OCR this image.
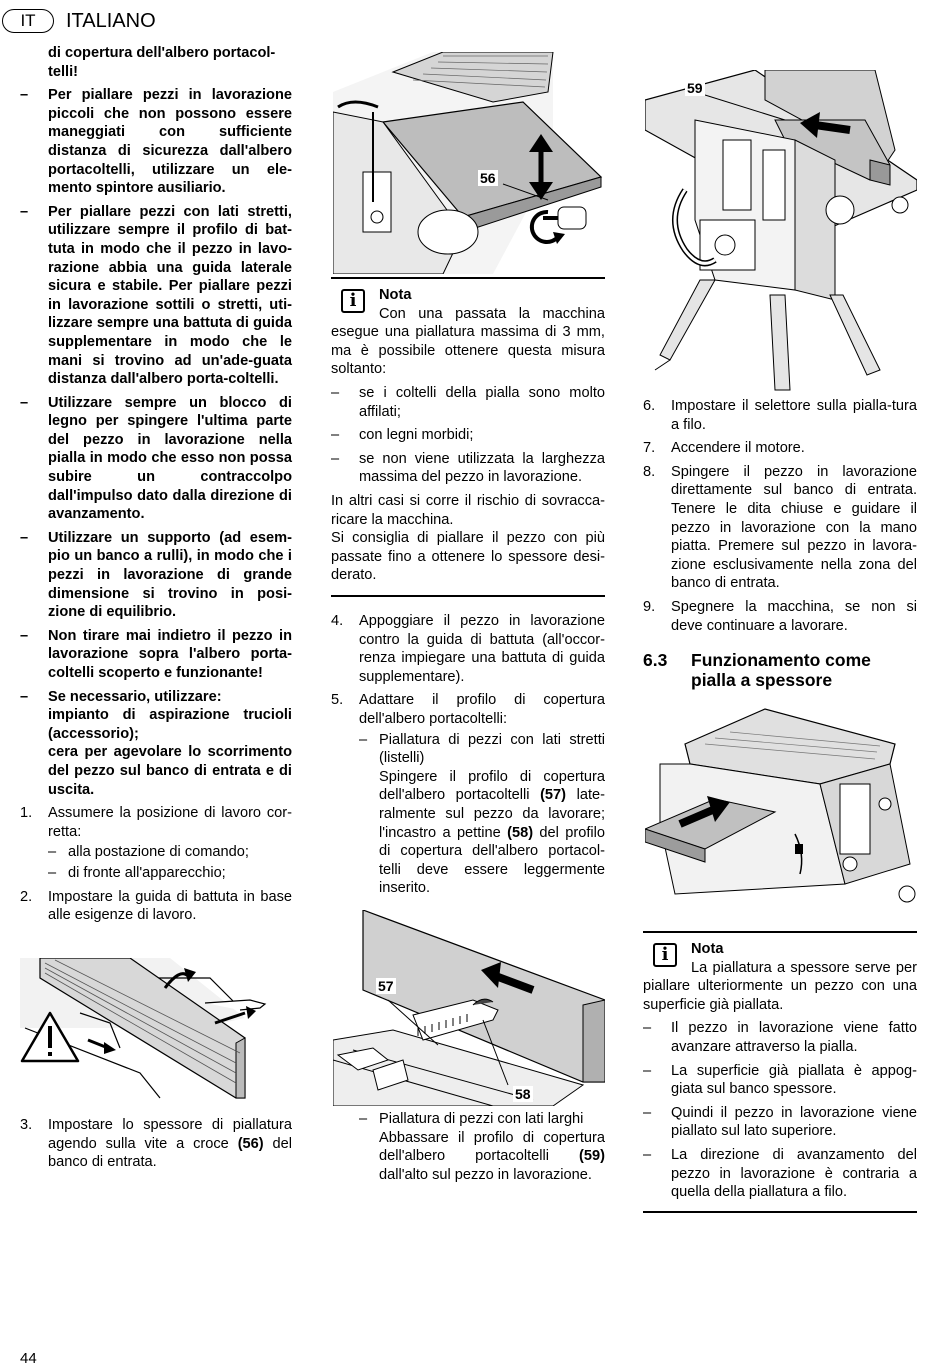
IT	ITALIANO
di copertura dell'albero portacol-
telli!
– Per piallare pezzi in lavorazione piccoli che non possono essere maneggiati con sufficiente distanza di sicurezza dall'albero portacoltelli, utilizzare un ele-mento spintore ausiliario.
– Per piallare pezzi con lati stretti, utilizzare sempre il profilo di bat-tuta in modo che il pezzo in lavo-razione abbia una guida laterale sicura e stabile. Per piallare pezzi in lavorazione sottili o stretti, uti-lizzare sempre una battuta di guida supplementare in modo che le mani si trovino ad un'ade-guata distanza dall'albero porta-coltelli.
– Utilizzare sempre un blocco di legno per spingere l'ultima parte del pezzo in lavorazione nella pialla in modo che esso non possa subire un contraccolpo dall'impulso dato dalla direzione di avanzamento.
– Utilizzare un supporto (ad esem-pio un banco a rulli), in modo che i pezzi in lavorazione di grande dimensione si trovino in posi-zione di equilibrio.
– Non tirare mai indietro il pezzo in lavorazione sopra l'albero porta-coltelli scoperto e funzionante!
– Se necessario, utilizzare:
impianto di aspirazione trucioli (accessorio);
cera per agevolare lo scorrimento del pezzo sul banco di entrata e di uscita.
1. Assumere la posizione di lavoro cor-retta:
– alla postazione di comando;
– di fronte all'apparecchio;
2. Impostare la guida di battuta in base alle esigenze di lavoro.
3. Impostare lo spessore di piallatura agendo sulla vite a croce (56) del banco di entrata.
44
56
i
Nota
Con una passata la macchina esegue una piallatura massima di 3 mm, ma è possibile ottenere questa misura soltanto:
– se i coltelli della pialla sono molto affilati;
– con legni morbidi;
– se non viene utilizzata la larghezza massima del pezzo in lavorazione.
In altri casi si corre il rischio di sovracca-ricare la macchina.
Si consiglia di piallare il pezzo con più passate fino a ottenere lo spessore desi-derato.
4. Appoggiare il pezzo in lavorazione contro la guida di battuta (all'occor-renza impiegare una battuta di guida supplementare).
5. Adattare il profilo di copertura dell'albero portacoltelli:
– Piallatura di pezzi con lati stretti (listelli)
Spingere il profilo di copertura dell'albero portacoltelli (57) late-ralmente sul pezzo da lavorare; l'incastro a pettine (58) del profilo di copertura dell'albero portacol-telli deve essere leggermente inserito.
57
58
– Piallatura di pezzi con lati larghi
Abbassare il profilo di copertura dell'albero portacoltelli (59) dall'alto sul pezzo in lavorazione.
59
6. Impostare il selettore sulla pialla-tura a filo.
7. Accendere il motore.
8. Spingere il pezzo in lavorazione direttamente sul banco di entrata. Tenere le dita chiuse e guidare il pezzo in lavorazione con la mano piatta. Premere sul pezzo in lavora-zione esclusivamente nella zona del banco di entrata.
9. Spegnere la macchina, se non si deve continuare a lavorare.
6.3 Funzionamento come
pialla a spessore
i
Nota
La piallatura a spessore serve per piallare ulteriormente un pezzo con una superficie già piallata.
– Il pezzo in lavorazione viene fatto avanzare attraverso la pialla.
– La superficie già piallata è appog-giata sul banco spessore.
– Quindi il pezzo in lavorazione viene piallato sul lato superiore.
– La direzione di avanzamento del pezzo in lavorazione è contraria a quella della piallatura a filo.
